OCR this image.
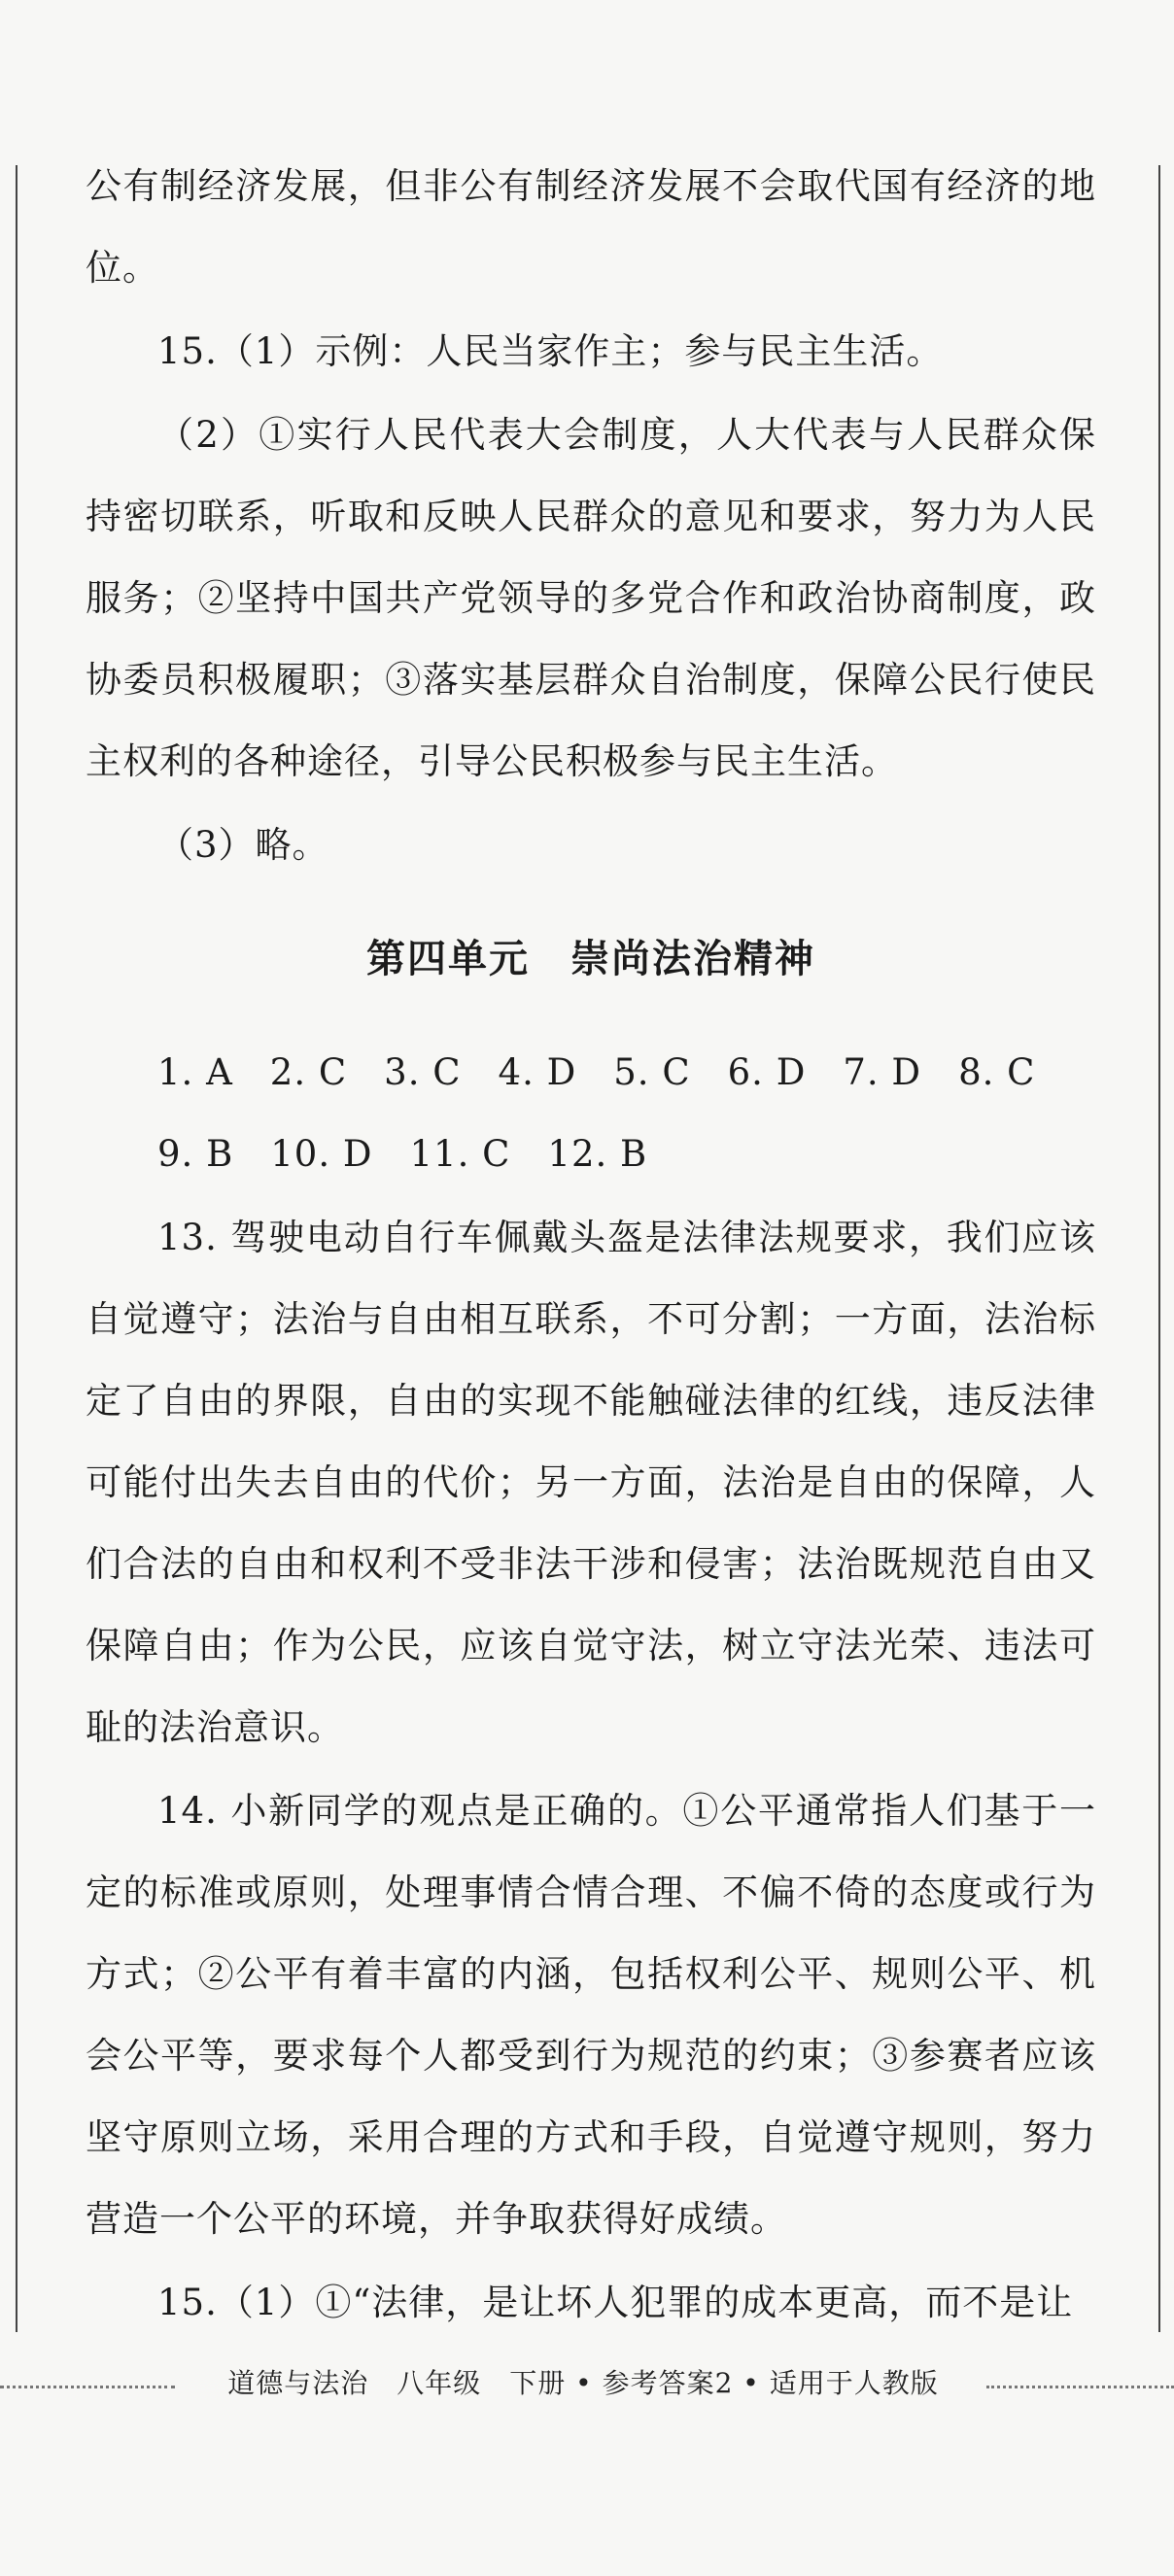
公有制经济发展，但非公有制经济发展不会取代国有经济的地位。

15.（1）示例：人民当家作主；参与民主生活。

（2）①实行人民代表大会制度，人大代表与人民群众保持密切联系，听取和反映人民群众的意见和要求，努力为人民服务；②坚持中国共产党领导的多党合作和政治协商制度，政协委员积极履职；③落实基层群众自治制度，保障公民行使民主权利的各种途径，引导公民积极参与民主生活。

（3）略。

第四单元　崇尚法治精神

1. A　2. C　3. C　4. D　5. C　6. D　7. D　8. C

9. B　10. D　11. C　12. B

13. 驾驶电动自行车佩戴头盔是法律法规要求，我们应该自觉遵守；法治与自由相互联系，不可分割；一方面，法治标定了自由的界限，自由的实现不能触碰法律的红线，违反法律可能付出失去自由的代价；另一方面，法治是自由的保障，人们合法的自由和权利不受非法干涉和侵害；法治既规范自由又保障自由；作为公民，应该自觉守法，树立守法光荣、违法可耻的法治意识。

14. 小新同学的观点是正确的。①公平通常指人们基于一定的标准或原则，处理事情合情合理、不偏不倚的态度或行为方式；②公平有着丰富的内涵，包括权利公平、规则公平、机会公平等，要求每个人都受到行为规范的约束；③参赛者应该坚守原则立场，采用合理的方式和手段，自觉遵守规则，努力营造一个公平的环境，并争取获得好成绩。

15.（1）①“法律，是让坏人犯罪的成本更高，而不是让

道德与法治　八年级　下册 • 参考答案2 • 适用于人教版
